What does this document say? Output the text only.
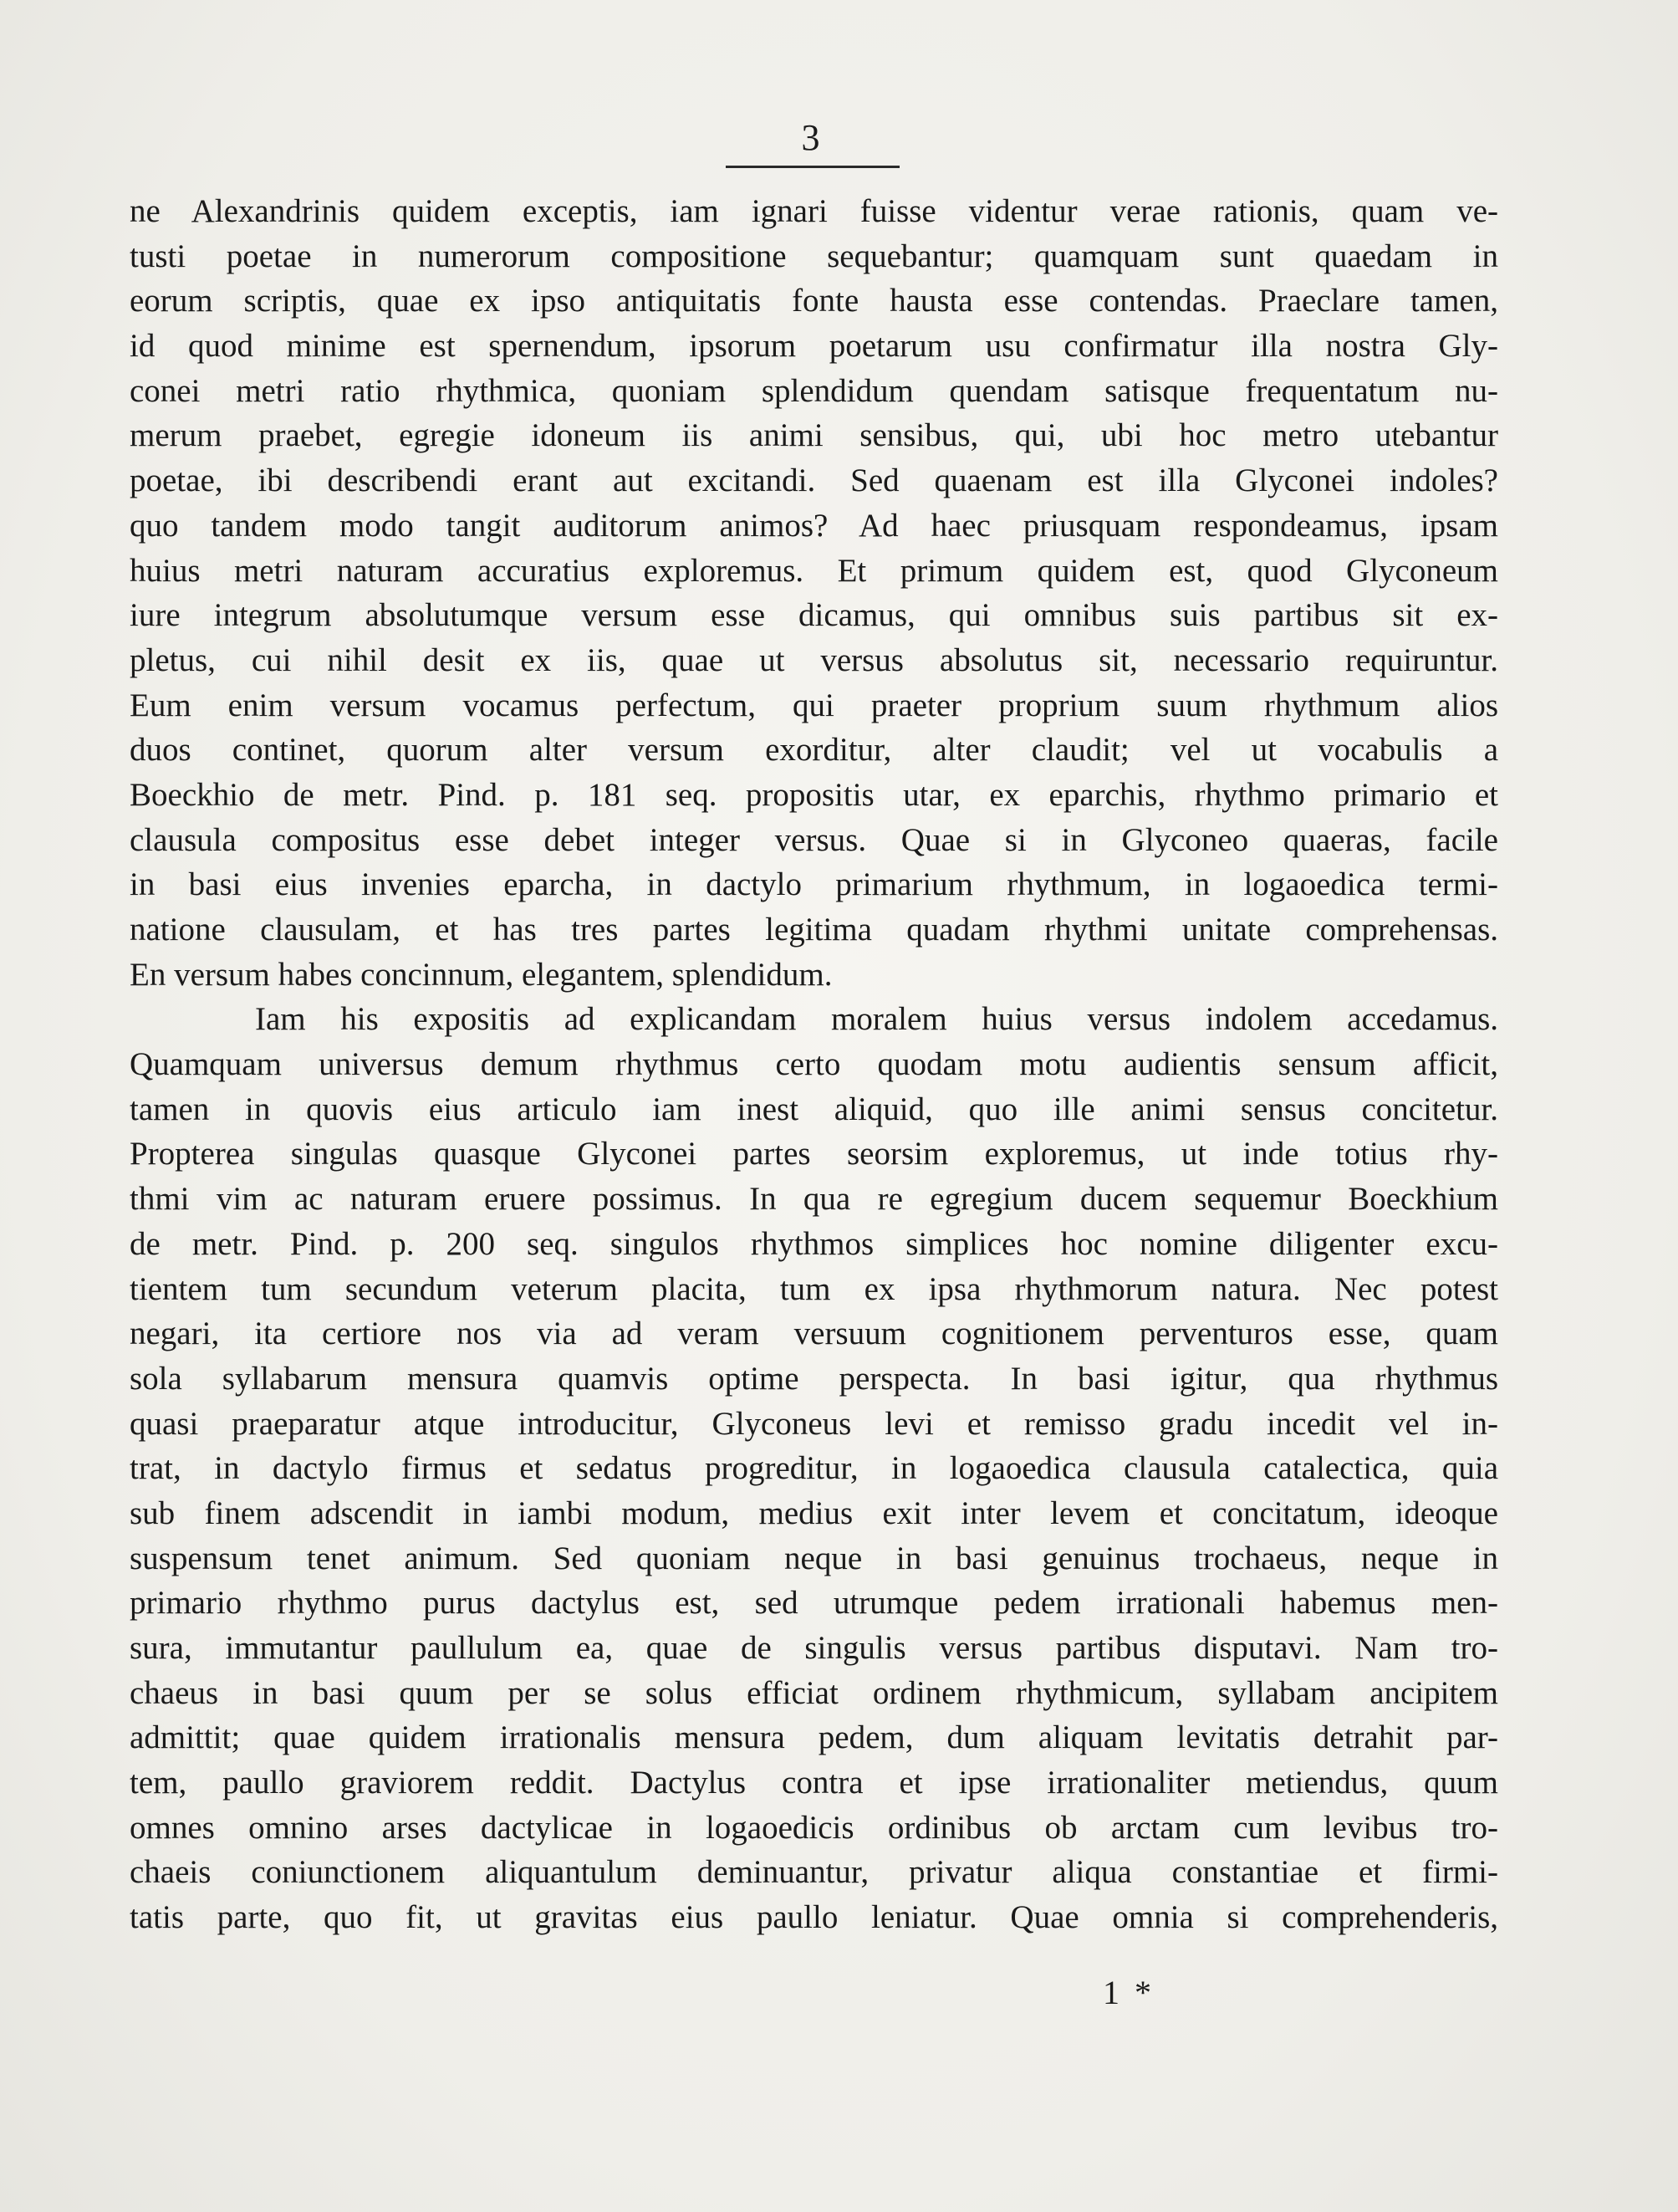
3
ne Alexandrinis quidem exceptis, iam ignari fuisse videntur verae rationis, quam ve-
tusti poetae in numerorum compositione sequebantur; quamquam sunt quaedam in
eorum scriptis, quae ex ipso antiquitatis fonte hausta esse contendas. Praeclare tamen,
id quod minime est spernendum, ipsorum poetarum usu confirmatur illa nostra Gly-
conei metri ratio rhythmica, quoniam splendidum quendam satisque frequentatum nu-
merum praebet, egregie idoneum iis animi sensibus, qui, ubi hoc metro utebantur
poetae, ibi describendi erant aut excitandi. Sed quaenam est illa Glyconei indoles?
quo tandem modo tangit auditorum animos? Ad haec priusquam respondeamus, ipsam
huius metri naturam accuratius exploremus. Et primum quidem est, quod Glyconeum
iure integrum absolutumque versum esse dicamus, qui omnibus suis partibus sit ex-
pletus, cui nihil desit ex iis, quae ut versus absolutus sit, necessario requiruntur.
Eum enim versum vocamus perfectum, qui praeter proprium suum rhythmum alios
duos continet, quorum alter versum exorditur, alter claudit; vel ut vocabulis a
Boeckhio de metr. Pind. p. 181 seq. propositis utar, ex eparchis, rhythmo primario et
clausula compositus esse debet integer versus. Quae si in Glyconeo quaeras, facile
in basi eius invenies eparcha, in dactylo primarium rhythmum, in logaoedica termi-
natione clausulam, et has tres partes legitima quadam rhythmi unitate comprehensas.
En versum habes concinnum, elegantem, splendidum.
Iam his expositis ad explicandam moralem huius versus indolem accedamus.
Quamquam universus demum rhythmus certo quodam motu audientis sensum afficit,
tamen in quovis eius articulo iam inest aliquid, quo ille animi sensus concitetur.
Propterea singulas quasque Glyconei partes seorsim exploremus, ut inde totius rhy-
thmi vim ac naturam eruere possimus. In qua re egregium ducem sequemur Boeckhium
de metr. Pind. p. 200 seq. singulos rhythmos simplices hoc nomine diligenter excu-
tientem tum secundum veterum placita, tum ex ipsa rhythmorum natura. Nec potest
negari, ita certiore nos via ad veram versuum cognitionem perventuros esse, quam
sola syllabarum mensura quamvis optime perspecta. In basi igitur, qua rhythmus
quasi praeparatur atque introducitur, Glyconeus levi et remisso gradu incedit vel in-
trat, in dactylo firmus et sedatus progreditur, in logaoedica clausula catalectica, quia
sub finem adscendit in iambi modum, medius exit inter levem et concitatum, ideoque
suspensum tenet animum. Sed quoniam neque in basi genuinus trochaeus, neque in
primario rhythmo purus dactylus est, sed utrumque pedem irrationali habemus men-
sura, immutantur paullulum ea, quae de singulis versus partibus disputavi. Nam tro-
chaeus in basi quum per se solus efficiat ordinem rhythmicum, syllabam ancipitem
admittit; quae quidem irrationalis mensura pedem, dum aliquam levitatis detrahit par-
tem, paullo graviorem reddit. Dactylus contra et ipse irrationaliter metiendus, quum
omnes omnino arses dactylicae in logaoedicis ordinibus ob arctam cum levibus tro-
chaeis coniunctionem aliquantulum deminuantur, privatur aliqua constantiae et firmi-
tatis parte, quo fit, ut gravitas eius paullo leniatur. Quae omnia si comprehenderis,
1 *
